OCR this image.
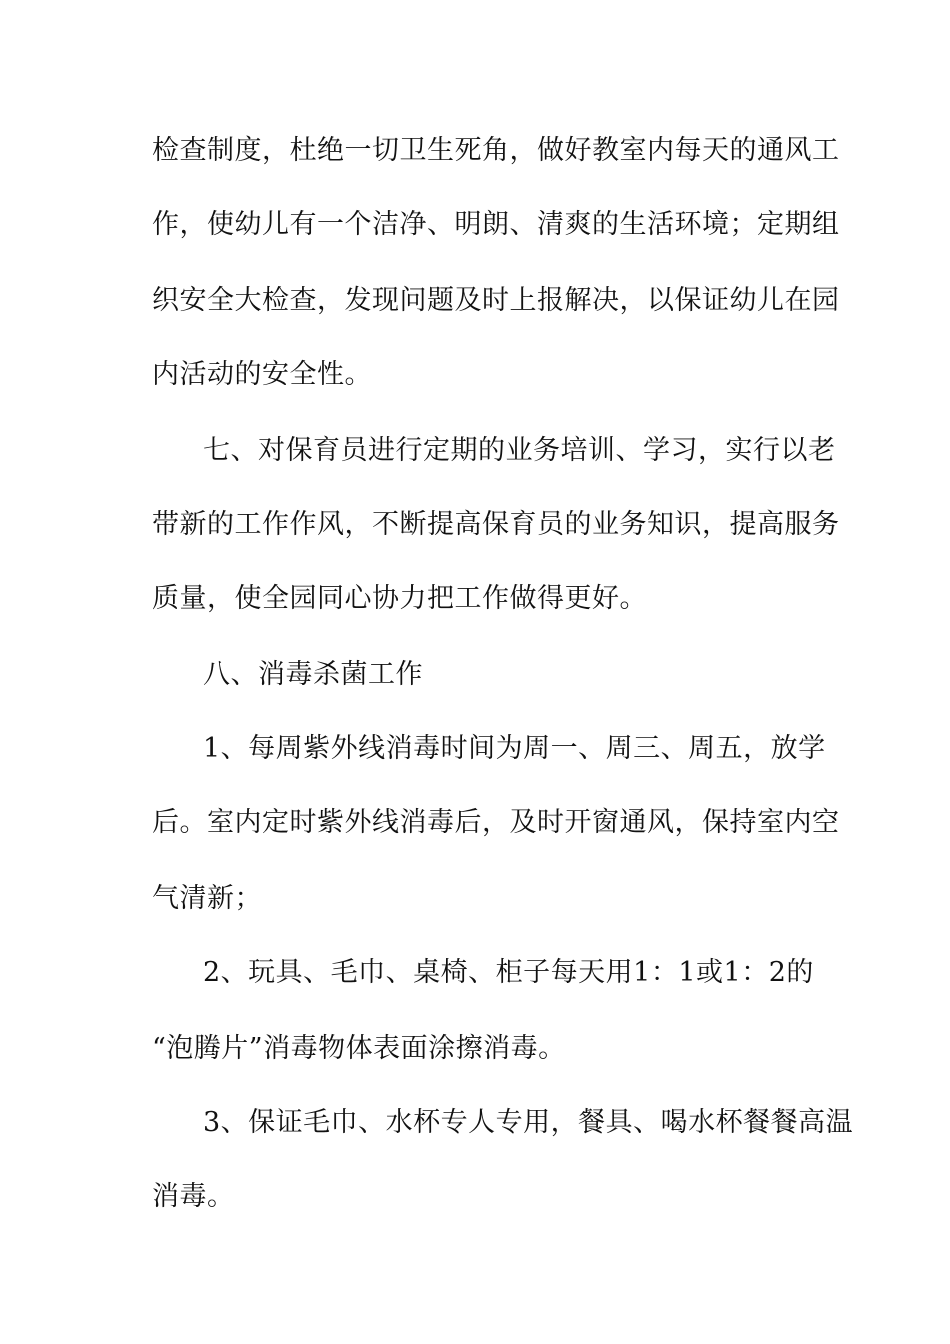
检查制度，杜绝一切卫生死角，做好教室内每天的通风工
作，使幼儿有一个洁净、明朗、清爽的生活环境；定期组
织安全大检查，发现问题及时上报解决，以保证幼儿在园
内活动的安全性。
七、对保育员进行定期的业务培训、学习，实行以老
带新的工作作风，不断提高保育员的业务知识，提高服务
质量，使全园同心协力把工作做得更好。
八、消毒杀菌工作
1、每周紫外线消毒时间为周一、周三、周五，放学
后。室内定时紫外线消毒后，及时开窗通风，保持室内空
气清新；
2、玩具、毛巾、桌椅、柜子每天用1：1或1：2的
“泡腾片”消毒物体表面涂擦消毒。
3、保证毛巾、水杯专人专用，餐具、喝水杯餐餐高温
消毒。
